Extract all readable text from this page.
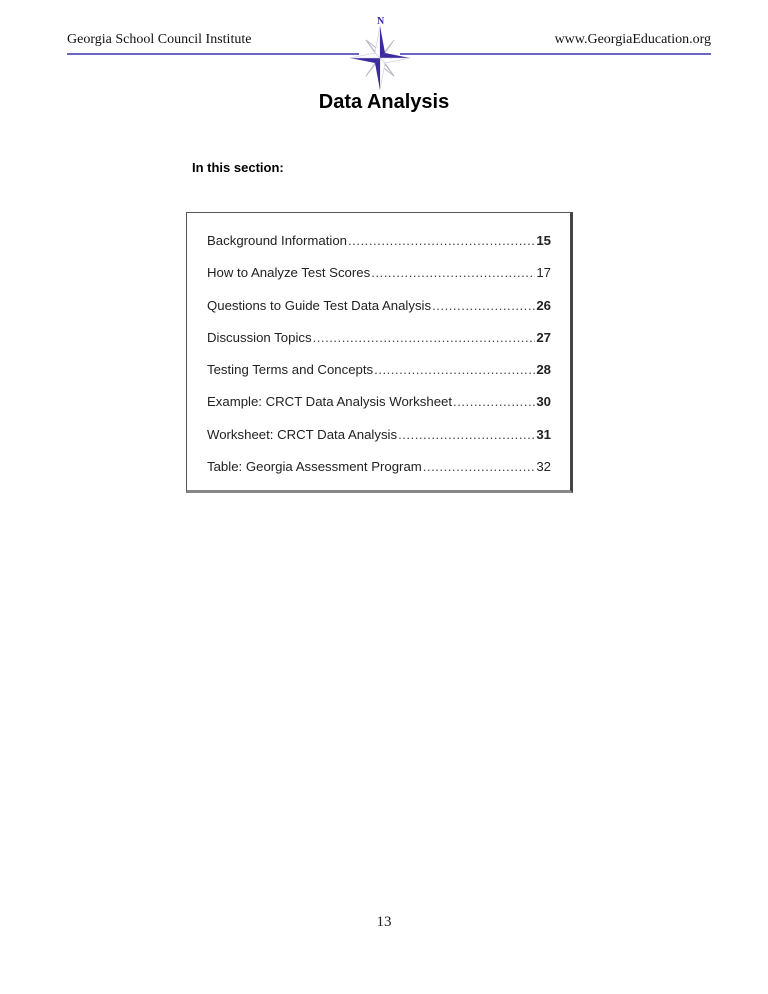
Georgia School Council Institute
N
www.GeorgiaEducation.org
Data Analysis
In this section:
Background Information .....	15
How to Analyze Test Scores .....	17
Questions to Guide Test Data Analysis .....	26
Discussion Topics .....	27
Testing Terms and Concepts .....	28
Example: CRCT Data Analysis Worksheet .....	30
Worksheet: CRCT Data Analysis .....	31
Table: Georgia Assessment Program .....	32
13
